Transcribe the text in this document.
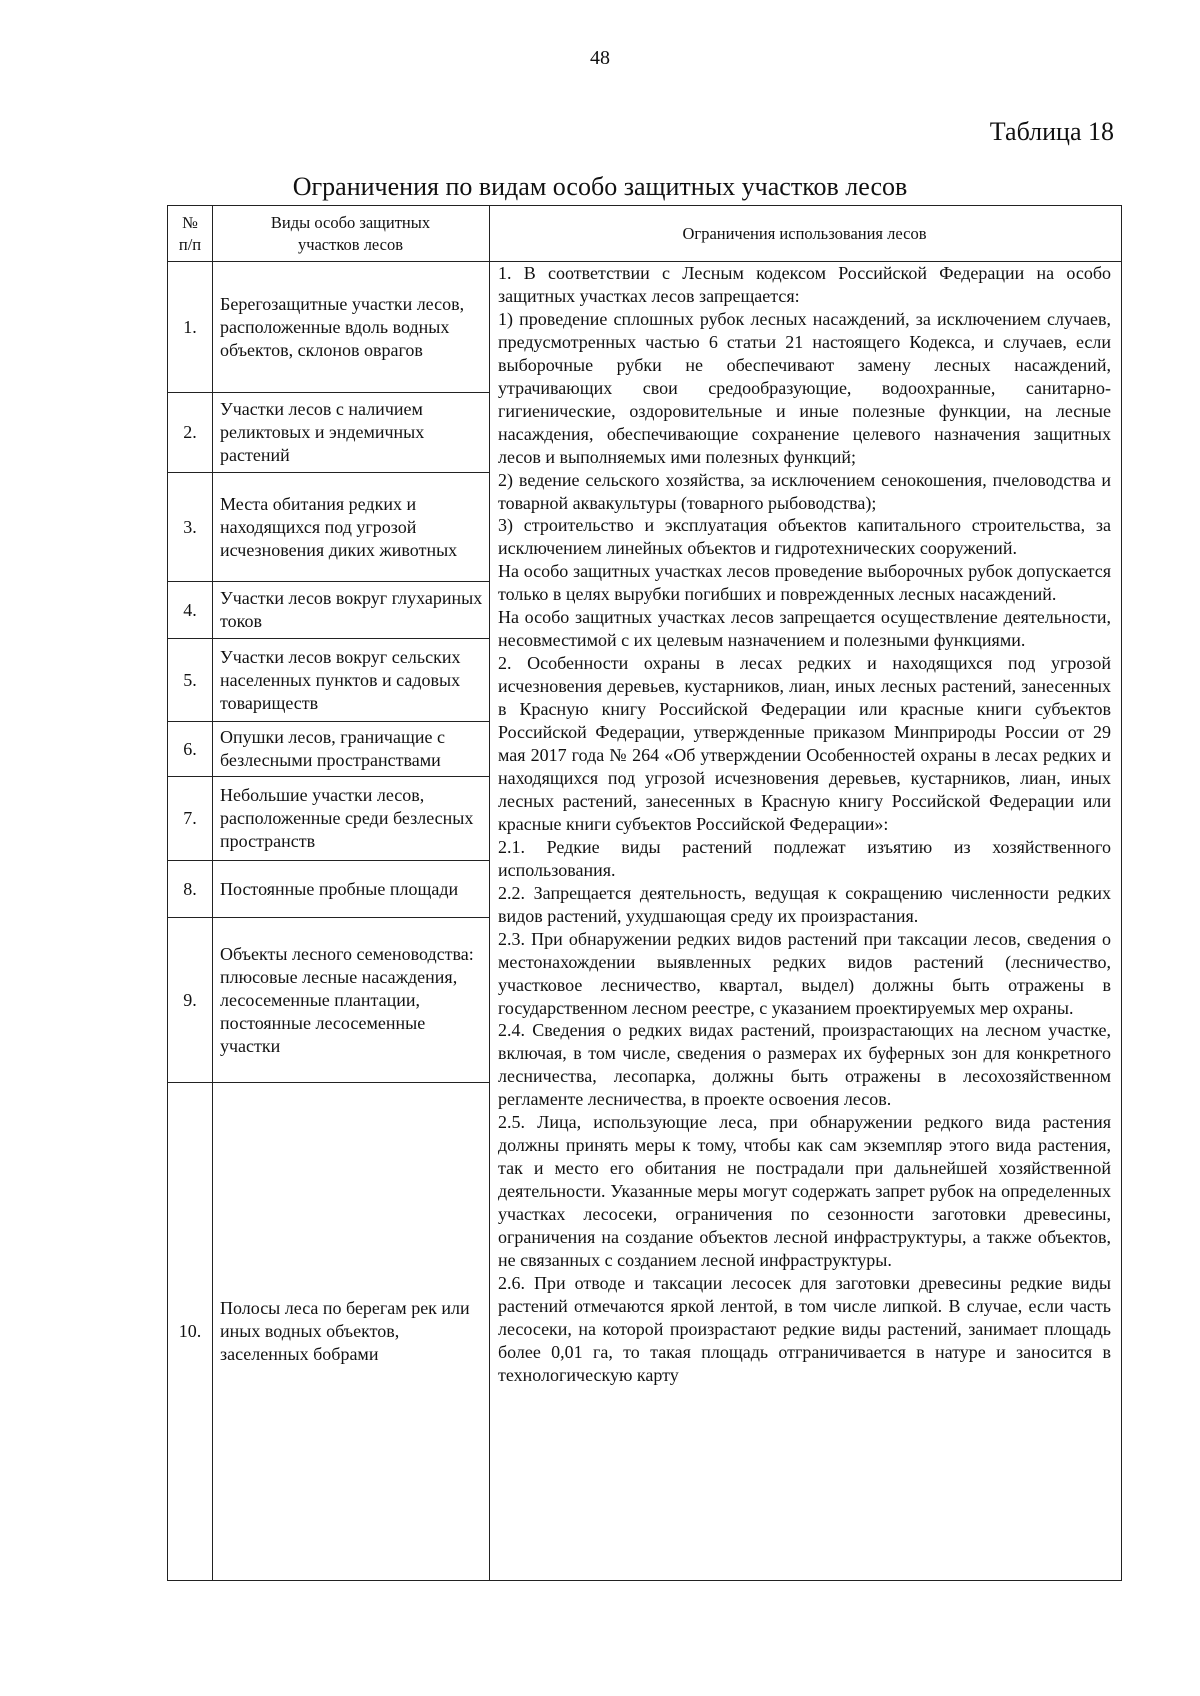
48
Таблица 18
Ограничения по видам особо защитных участков лесов
№
п/п
Виды особо защитных
участков лесов
Ограничения использования лесов
1.
Берегозащитные участки лесов, расположенные вдоль водных объектов, склонов оврагов
2.
Участки лесов с наличием реликтовых и эндемичных растений
3.
Места обитания редких и находящихся под угрозой исчезновения диких животных
4.
Участки лесов вокруг глухариных токов
5.
Участки лесов вокруг сельских населенных пунктов и садовых товариществ
6.
Опушки лесов, граничащие с безлесными пространствами
7.
Небольшие участки лесов, расположенные среди безлесных пространств
8.	Постоянные пробные площади
9.
Объекты лесного семеноводства:
плюсовые лесные насаждения, лесосеменные плантации, постоянные лесосеменные участки
10.
Полосы леса по берегам рек или иных водных объектов, заселенных бобрами

1. В соответствии с Лесным кодексом Российской Федерации на особо защитных участках лесов запрещается:

1) проведение сплошных рубок лесных насаждений, за исключением случаев, предусмотренных частью 6 статьи 21 настоящего Кодекса, и случаев, если выборочные рубки не обеспечивают замену лесных насаждений, утрачивающих свои средообразующие, водоохранные, санитарно-гигиенические, оздоровительные и иные полезные функции, на лесные насаждения, обеспечивающие сохранение целевого назначения защитных лесов и выполняемых ими полезных функций;

2) ведение сельского хозяйства, за исключением сенокошения, пчеловодства и товарной аквакультуры (товарного рыбоводства);

3) строительство и эксплуатация объектов капитального строительства, за исключением линейных объектов и гидротехнических сооружений.

На особо защитных участках лесов проведение выборочных рубок допускается только в целях вырубки погибших и поврежденных лесных насаждений.

На особо защитных участках лесов запрещается осуществление деятельности, несовместимой с их целевым назначением и полезными функциями.

2. Особенности охраны в лесах редких и находящихся под угрозой исчезновения деревьев, кустарников, лиан, иных лесных растений, занесенных в Красную книгу Российской Федерации или красные книги субъектов Российской Федерации, утвержденные приказом Минприроды России от 29 мая 2017 года № 264 «Об утверждении Особенностей охраны в лесах редких и находящихся под угрозой исчезновения деревьев, кустарников, лиан, иных лесных растений, занесенных в Красную книгу Российской Федерации или красные книги субъектов Российской Федерации»:

2.1. Редкие виды растений подлежат изъятию из хозяйственного использования.

2.2. Запрещается деятельность, ведущая к сокращению численности редких видов растений, ухудшающая среду их произрастания.

2.3. При обнаружении редких видов растений при таксации лесов, сведения о местонахождении выявленных редких видов растений (лесничество, участковое лесничество, квартал, выдел) должны быть отражены в государственном лесном реестре, с указанием проектируемых мер охраны.

2.4. Сведения о редких видах растений, произрастающих на лесном участке, включая, в том числе, сведения о размерах их буферных зон для конкретного лесничества, лесопарка, должны быть отражены в лесохозяйственном регламенте лесничества, в проекте освоения лесов.

2.5. Лица, использующие леса, при обнаружении редкого вида растения должны принять меры к тому, чтобы как сам экземпляр этого вида растения, так и место его обитания не пострадали при дальнейшей хозяйственной деятельности. Указанные меры могут содержать запрет рубок на определенных участках лесосеки, ограничения по сезонности заготовки древесины, ограничения на создание объектов лесной инфраструктуры, а также объектов, не связанных с созданием лесной инфраструктуры.

2.6. При отводе и таксации лесосек для заготовки древесины редкие виды растений отмечаются яркой лентой, в том числе липкой. В случае, если часть лесосеки, на которой произрастают редкие виды растений, занимает площадь более 0,01 га, то такая площадь отграничивается в натуре и заносится в технологическую карту
